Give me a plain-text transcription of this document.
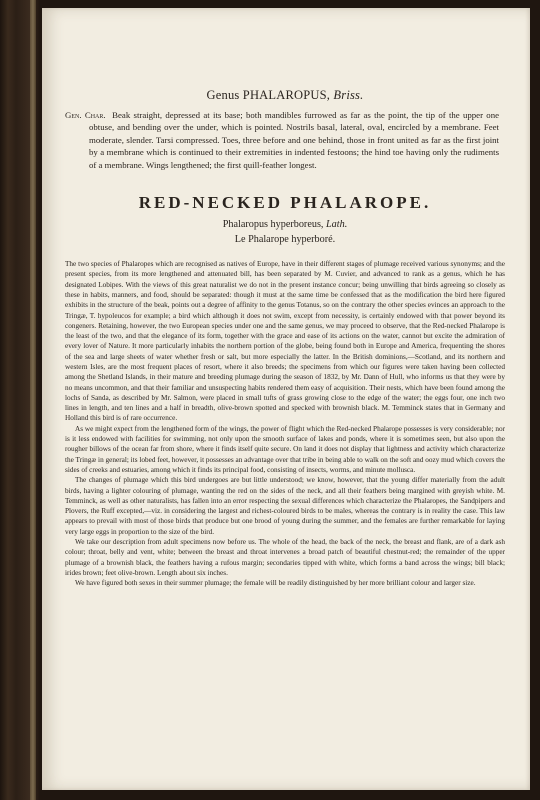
Genus PHALAROPUS, Briss.
Gen. Char. Beak straight, depressed at its base; both mandibles furrowed as far as the point, the tip of the upper one obtuse, and bending over the under, which is pointed. Nostrils basal, lateral, oval, encircled by a membrane. Feet moderate, slender. Tarsi compressed. Toes, three before and one behind, those in front united as far as the first joint by a membrane which is continued to their extremities in indented festoons; the hind toe having only the rudiments of a membrane. Wings lengthened; the first quill-feather longest.
RED-NECKED PHALAROPE.
Phalaropus hyperboreus, Lath.
Le Phalarope hyperboré.

The two species of Phalaropes which are recognised as natives of Europe, have in their different stages of plumage received various synonyms; and the present species, from its more lengthened and attenuated bill, has been separated by M. Cuvier, and advanced to rank as a genus, which he has designated Lobipes. With the views of this great naturalist we do not in the present instance concur; being unwilling that birds agreeing so closely as these in habits, manners, and food, should be separated: though it must at the same time be confessed that as the modification the bird here figured exhibits in the structure of the beak, points out a degree of affinity to the genus Totanus, so on the contrary the other species evinces an approach to the Tringæ, T. hypoleucos for example; a bird which although it does not swim, except from necessity, is certainly endowed with that power beyond its congeners. Retaining, however, the two European species under one and the same genus, we may proceed to observe, that the Red-necked Phalarope is the least of the two, and that the elegance of its form, together with the grace and ease of its actions on the water, cannot but excite the admiration of every lover of Nature. It more particularly inhabits the northern portion of the globe, being found both in Europe and America, frequenting the shores of the sea and large sheets of water whether fresh or salt, but more especially the latter. In the British dominions,—Scotland, and its northern and western Isles, are the most frequent places of resort, where it also breeds; the specimens from which our figures were taken having been collected among the Shetland Islands, in their mature and breeding plumage during the season of 1832, by Mr. Dann of Hull, who informs us that they were by no means uncommon, and that their familiar and unsuspecting habits rendered them easy of acquisition. Their nests, which have been found among the lochs of Sanda, as described by Mr. Salmon, were placed in small tufts of grass growing close to the edge of the water; the eggs four, one inch two lines in length, and ten lines and a half in breadth, olive-brown spotted and specked with brownish black. M. Temminck states that in Germany and Holland this bird is of rare occurrence.

As we might expect from the lengthened form of the wings, the power of flight which the Red-necked Phalarope possesses is very considerable; nor is it less endowed with facilities for swimming, not only upon the smooth surface of lakes and ponds, where it is sometimes seen, but also upon the rougher billows of the ocean far from shore, where it finds itself quite secure. On land it does not display that lightness and activity which characterize the Tringæ in general; its lobed feet, however, it possesses an advantage over that tribe in being able to walk on the soft and oozy mud which covers the sides of creeks and estuaries, among which it finds its principal food, consisting of insects, worms, and minute mollusca.

The changes of plumage which this bird undergoes are but little understood; we know, however, that the young differ materially from the adult birds, having a lighter colouring of plumage, wanting the red on the sides of the neck, and all their feathers being margined with greyish white. M. Temminck, as well as other naturalists, has fallen into an error respecting the sexual differences which characterize the Phalaropes, the Sandpipers and Plovers, the Ruff excepted,—viz. in considering the largest and richest-coloured birds to be males, whereas the contrary is in reality the case. This law appears to prevail with most of those birds that produce but one brood of young during the summer, and the females are further remarkable for laying very large eggs in proportion to the size of the bird.

We take our description from adult specimens now before us. The whole of the head, the back of the neck, the breast and flank, are of a dark ash colour; throat, belly and vent, white; between the breast and throat intervenes a broad patch of beautiful chestnut-red; the remainder of the upper plumage of a brownish black, the feathers having a rufous margin; secondaries tipped with white, which forms a band across the wings; bill black; irides brown; feet olive-brown. Length about six inches.

We have figured both sexes in their summer plumage; the female will be readily distinguished by her more brilliant colour and larger size.
